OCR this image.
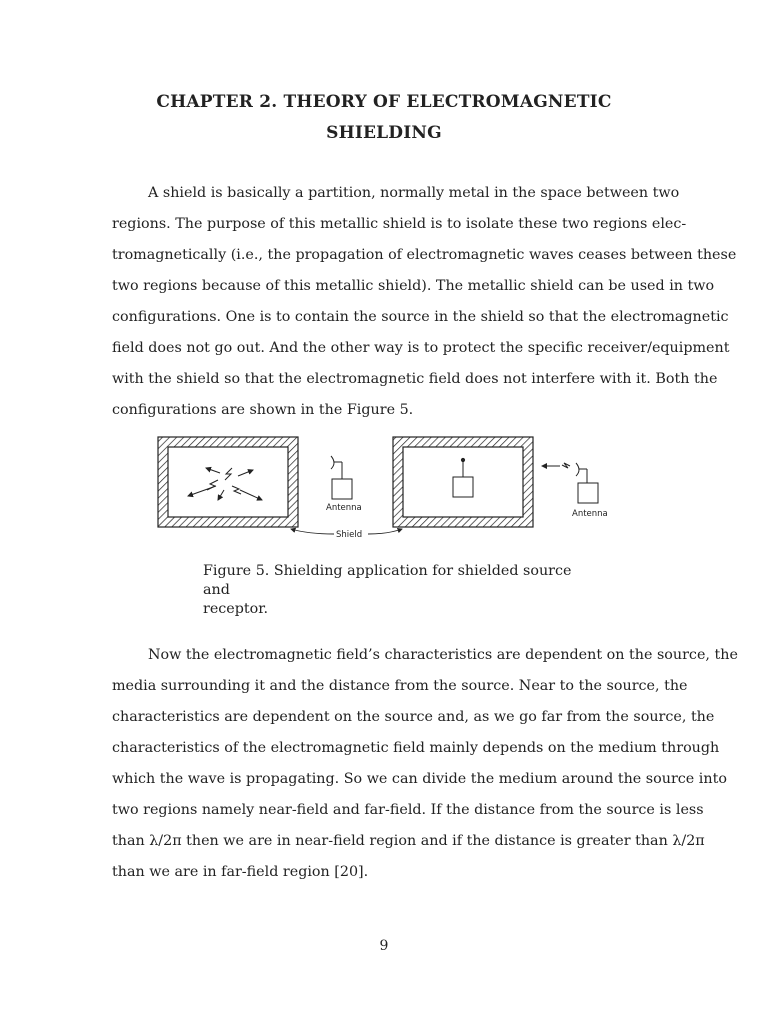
CHAPTER 2. THEORY OF ELECTROMAGNETIC
SHIELDING
A shield is basically a partition, normally metal in the space between two
regions. The purpose of this metallic shield is to isolate these two regions elec-
tromagnetically (i.e., the propagation of electromagnetic waves ceases between these
two regions because of this metallic shield). The metallic shield can be used in two
configurations. One is to contain the source in the shield so that the electromagnetic
field does not go out. And the other way is to protect the specific receiver/equipment
with the shield so that the electromagnetic field does not interfere with it. Both the
configurations are shown in the Figure 5.
Antenna
Antenna
Shield
Figure 5. Shielding application for shielded source and
receptor.
Now the electromagnetic field’s characteristics are dependent on the source, the
media surrounding it and the distance from the source. Near to the source, the
characteristics are dependent on the source and, as we go far from the source, the
characteristics of the electromagnetic field mainly depends on the medium through
which the wave is propagating. So we can divide the medium around the source into
two regions namely near-field and far-field. If the distance from the source is less
than λ/2π then we are in near-field region and if the distance is greater than λ/2π
than we are in far-field region [20].
9
